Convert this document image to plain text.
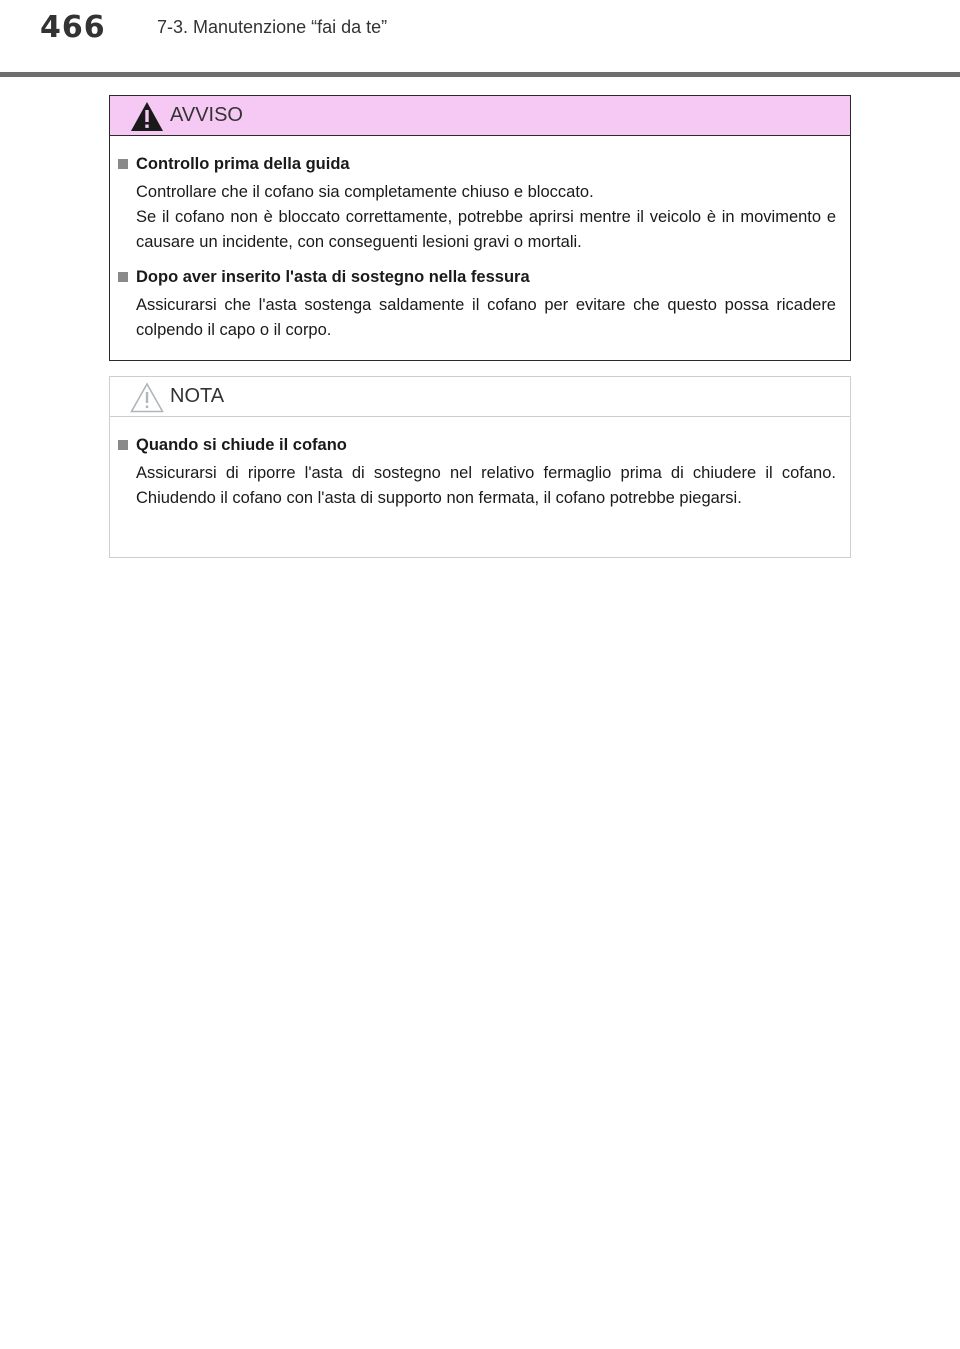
466	7-3. Manutenzione “fai da te”
AVVISO
Controllo prima della guida
Controllare che il cofano sia completamente chiuso e bloccato.
Se il cofano non è bloccato correttamente, potrebbe aprirsi mentre il veicolo è in movimento e causare un incidente, con conseguenti lesioni gravi o mortali.
Dopo aver inserito l'asta di sostegno nella fessura
Assicurarsi che l'asta sostenga saldamente il cofano per evitare che questo possa ricadere colpendo il capo o il corpo.
NOTA
Quando si chiude il cofano
Assicurarsi di riporre l'asta di sostegno nel relativo fermaglio prima di chiudere il cofano. Chiudendo il cofano con l'asta di supporto non fermata, il cofano potrebbe piegarsi.
